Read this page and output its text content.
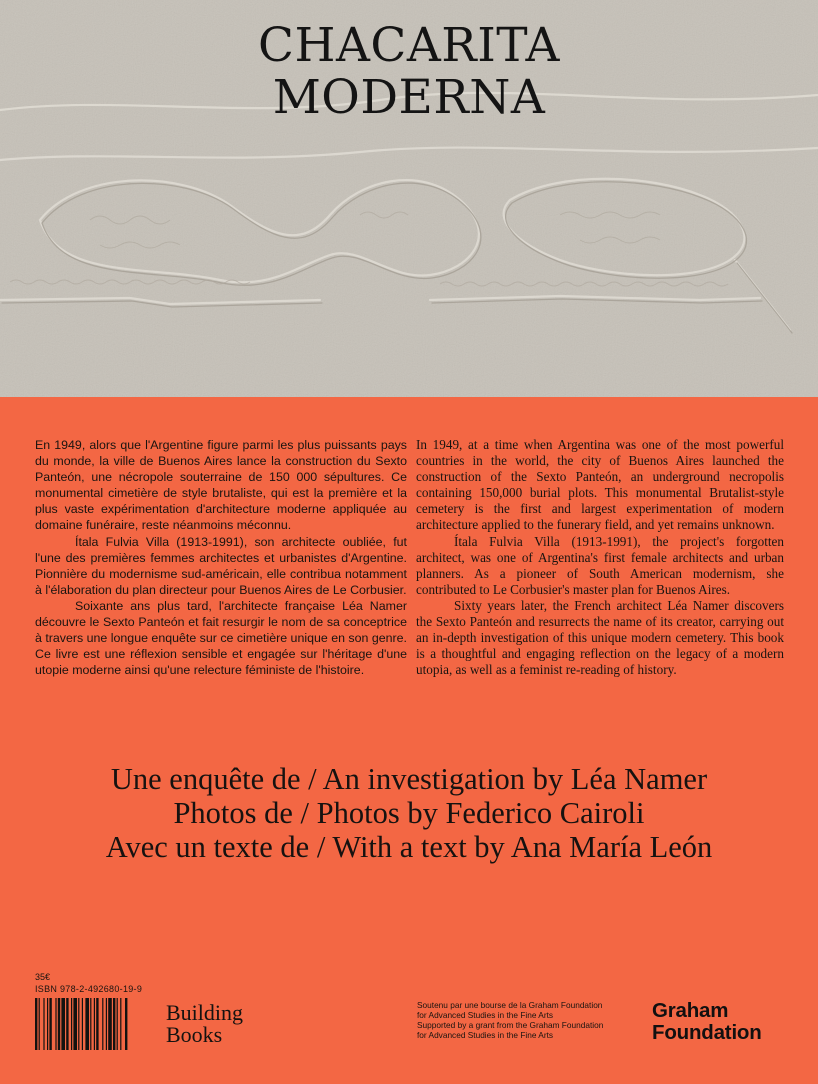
CHACARITA
MODERNA

En 1949, alors que l'Argentine figure parmi les plus puissants pays du monde, la ville de Buenos Aires lance la construction du Sexto Panteón, une nécropole souterraine de 150 000 sépultures. Ce monumental cimetière de style brutaliste, qui est la première et la plus vaste expérimentation d'architecture moderne appliquée au domaine funéraire, reste néanmoins méconnu.

Ítala Fulvia Villa (1913-1991), son architecte oubliée, fut l'une des premières femmes architectes et urbanistes d'Argentine. Pionnière du modernisme sud-américain, elle contribua notamment à l'élaboration du plan directeur pour Buenos Aires de Le Corbusier.

Soixante ans plus tard, l'architecte française Léa Namer découvre le Sexto Panteón et fait resurgir le nom de sa conceptrice à travers une longue enquête sur ce cimetière unique en son genre. Ce livre est une réflexion sensible et engagée sur l'héritage d'une utopie moderne ainsi qu'une relecture féministe de l'histoire.

In 1949, at a time when Argentina was one of the most powerful countries in the world, the city of Buenos Aires launched the construction of the Sexto Panteón, an underground necropolis containing 150,000 burial plots. This monumental Brutalist-style cemetery is the first and largest experimentation of modern architecture applied to the funerary field, and yet remains unknown.

Ítala Fulvia Villa (1913-1991), the project's forgotten architect, was one of Argentina's first female architects and urban planners. As a pioneer of South American modernism, she contributed to Le Corbusier's master plan for Buenos Aires.

Sixty years later, the French architect Léa Namer discovers the Sexto Panteón and resurrects the name of its creator, carrying out an in-depth investigation of this unique modern cemetery. This book is a thoughtful and engaging reflection on the legacy of a modern utopia, as well as a feminist re-reading of history.

Une enquête de / An investigation by Léa Namer
Photos de / Photos by Federico Cairoli
Avec un texte de / With a text by Ana María León
35€
ISBN 978-2-492680-19-9
Building
Books
Soutenu par une bourse de la Graham Foundation
for Advanced Studies in the Fine Arts
Supported by a grant from the Graham Foundation
for Advanced Studies in the Fine Arts
Graham
Foundation
